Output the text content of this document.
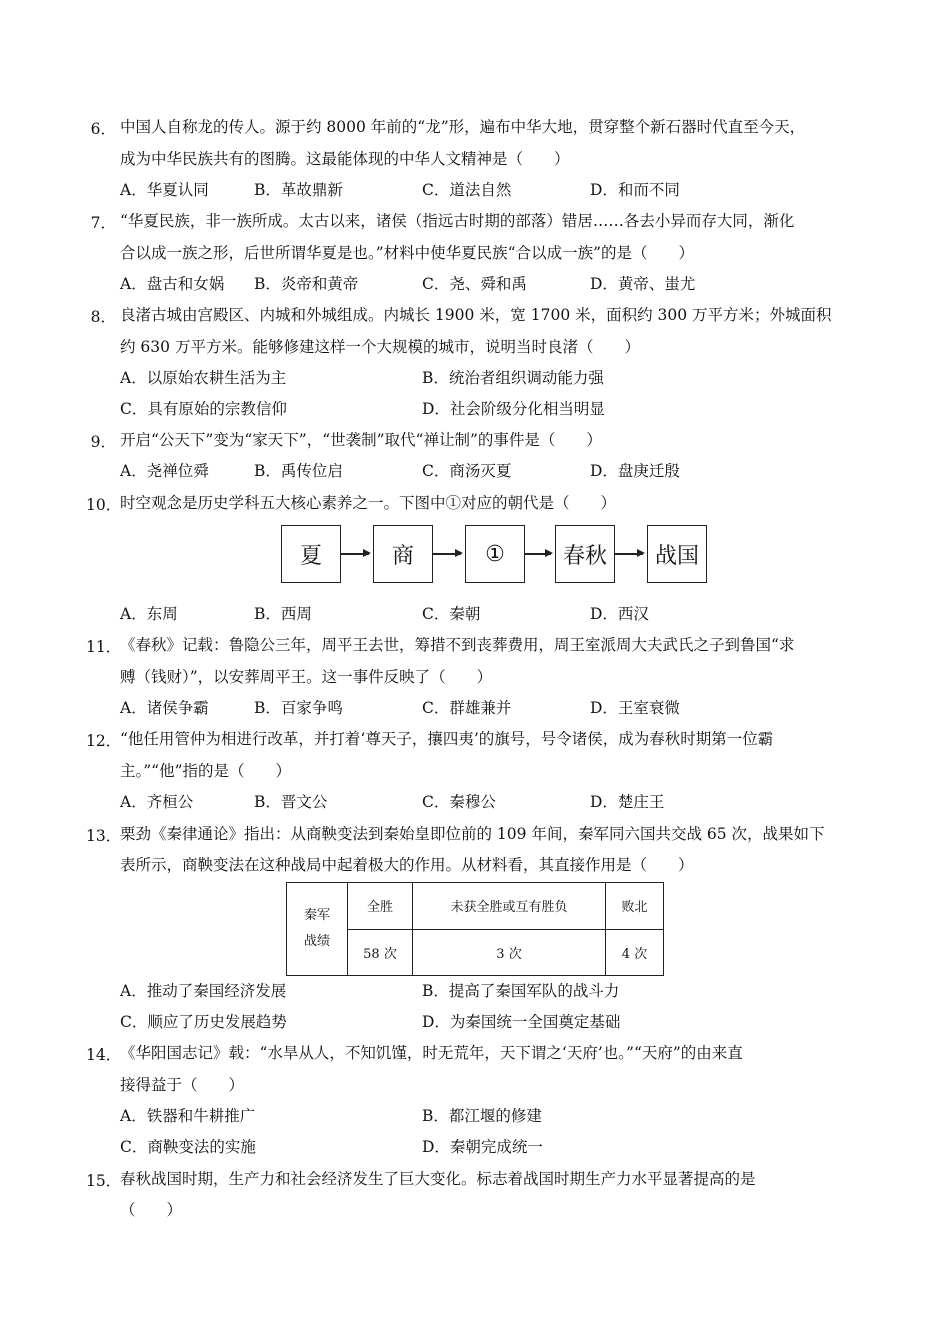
6． 中国人自称龙的传人。源于约 8000 年前的“龙”形，遍布中华大地，贯穿整个新石器时代直至今天，
成为中华民族共有的图腾。这最能体现的中华人文精神是（　　）
A．华夏认同	B．革故鼎新	C．道法自然	D．和而不同
7． “华夏民族，非一族所成。太古以来，诸侯（指远古时期的部落）错居……各去小异而存大同，渐化
合以成一族之形，后世所谓华夏是也。”材料中使华夏民族“合以成一族”的是（　　）
A．盘古和女娲 B．炎帝和黄帝	C．尧、舜和禹	D．黄帝、蚩尤
8． 良渚古城由宫殿区、内城和外城组成。内城长 1900 米，宽 1700 米，面积约 300 万平方米；外城面积
约 630 万平方米。能够修建这样一个大规模的城市，说明当时良渚（　　）
A．以原始农耕生活为主	B．统治者组织调动能力强
C．具有原始的宗教信仰	D．社会阶级分化相当明显
9． 开启“公天下”变为“家天下”，“世袭制”取代“禅让制”的事件是（　　）
A．尧禅位舜	B．禹传位启	C．商汤灭夏	D．盘庚迁殷
10．
时空观念是历史学科五大核心素养之一。下图中①对应的朝代是（　　）
夏	商	①	春秋	战国
A．东周	B．西周	C．秦朝	D．西汉
11．
《春秋》记载：鲁隐公三年，周平王去世，筹措不到丧葬费用，周王室派周大夫武氏之子到鲁国“求
赙（钱财）”，以安葬周平王。这一事件反映了（　　）
A．诸侯争霸	B．百家争鸣	C．群雄兼并	D．王室衰微
12．
“他任用管仲为相进行改革，并打着‘尊天子，攘四夷’的旗号，号令诸侯，成为春秋时期第一位霸
主。”“他”指的是（　　）
A．齐桓公	B．晋文公	C．秦穆公	D．楚庄王
13．
栗劲《秦律通论》指出：从商鞅变法到秦始皇即位前的 109 年间，秦军同六国共交战 65 次，战果如下
表所示，商鞅变法在这种战局中起着极大的作用。从材料看，其直接作用是（　　）
秦军
战绩	全胜	未获全胜或互有胜负	败北
	58 次	3 次	4 次
A．推动了秦国经济发展	B．提高了秦国军队的战斗力
C．顺应了历史发展趋势	D．为秦国统一全国奠定基础
14．
《华阳国志记》载：“水旱从人，不知饥馑，时无荒年，天下谓之‘天府’也。”“天府”的由来直
接得益于（　　）
A．铁器和牛耕推广	B．都江堰的修建
C．商鞅变法的实施	D．秦朝完成统一
15．
春秋战国时期，生产力和社会经济发生了巨大变化。标志着战国时期生产力水平显著提高的是
（　　）
